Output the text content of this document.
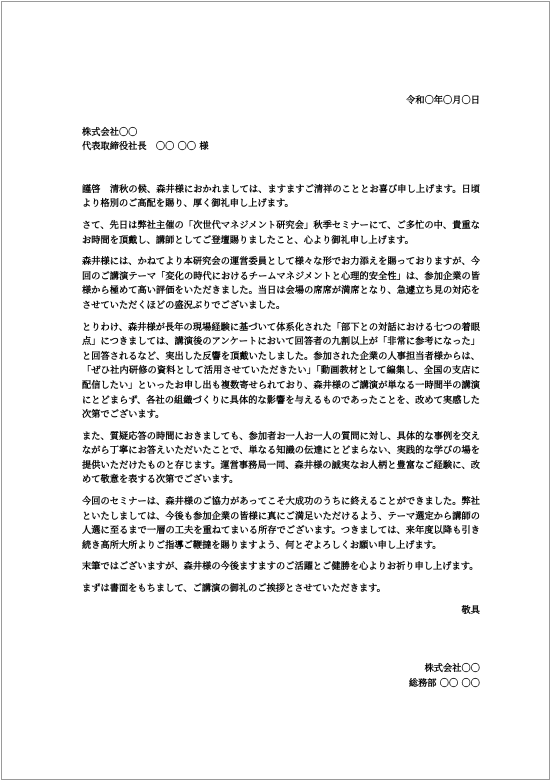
令和〇年〇月〇日
株式会社〇〇
代表取締役社長　〇〇 〇〇 様

謹啓　 清秋の候、森井様におかれましては、ますますご清祥のこととお喜び申し上げます。日頃より格別のご高配を賜り、厚く御礼申し上げます。

さて、先日は弊社主催の「次世代マネジメント研究会」秋季セミナーにて、ご多忙の中、貴重なお時間を頂戴し、講師としてご登壇賜りましたこと、心より御礼申し上げます。

森井様には、かねてより本研究会の運営委員として様々な形でお力添えを賜っておりますが、今回のご講演テーマ「変化の時代におけるチームマネジメントと心理的安全性」は、参加企業の皆様から極めて高い評価をいただきました。当日は会場の席席が満席となり、急遽立ち見の対応をさせていただくほどの盛況ぶりでございました。

とりわけ、森井様が長年の現場経験に基づいて体系化された「部下との対話における七つの着眼点」につきましては、講演後のアンケートにおいて回答者の九割以上が「非常に参考になった」と回答されるなど、実出した反響を頂戴いたしました。参加された企業の人事担当者様からは、「ぜひ社内研修の資料として活用させていただきたい」「動画教材として編集し、全国の支店に配信したい」といったお申し出も複数寄せられており、森井様のご講演が単なる一時間半の講演にとどまらず、各社の組織づくりに具体的な影響を与えるものであったことを、改めて実感した次第でございます。

また、質疑応答の時間におきましても、参加者お一人お一人の質問に対し、具体的な事例を交えながら丁寧にお答えいただいたことで、単なる知識の伝達にとどまらない、実践的な学びの場を提供いただけたものと存じます。運営事務局一同、森井様の誠実なお人柄と豊富なご経験に、改めて敬意を表する次第でございます。

今回のセミナーは、森井様のご協力があってこそ大成功のうちに終えることができました。弊社といたしましては、今後も参加企業の皆様に真にご満足いただけるよう、テーマ選定から講師の人選に至るまで一層の工夫を重ねてまいる所存でございます。つきましては、来年度以降も引き続き高所大所よりご指導ご鞭撻を賜りますよう、何とぞよろしくお願い申し上げます。

末筆ではございますが、森井様の今後ますますのご活躍とご健勝を心よりお祈り申し上げます。

まずは書面をもちまして、ご講演の御礼のご挨拶とさせていただきます。

敬具
株式会社〇〇
総務部 〇〇 〇〇
